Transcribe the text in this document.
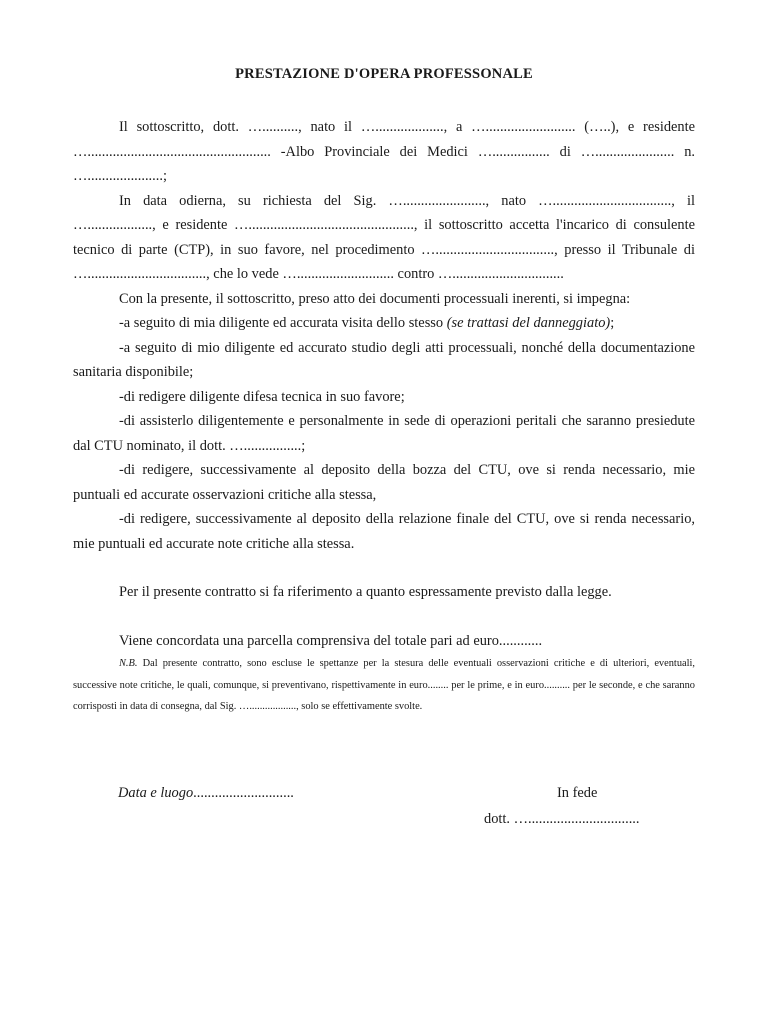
PRESTAZIONE D'OPERA PROFESSONALE

Il sottoscritto, dott. ….........., nato il …..................., a …......................... (…..), e residente …................................................... -Albo Provinciale dei Medici …................ di …...................... n. ….....................;

In data odierna, su richiesta del Sig. …......................., nato …................................., il ….................., e residente ….............................................., il sottoscritto accetta l'incarico di consulente tecnico di parte (CTP), in suo favore, nel procedimento …................................., presso il Tribunale di …................................., che lo vede …........................... contro …...............................

Con la presente, il sottoscritto, preso atto dei documenti processuali inerenti, si impegna:

-a seguito di mia diligente ed accurata visita dello stesso (se trattasi del danneggiato);

-a seguito di mio diligente ed accurato studio degli atti processuali, nonché della documentazione sanitaria disponibile;

-di redigere diligente difesa tecnica in suo favore;

-di assisterlo diligentemente e personalmente in sede di operazioni peritali che saranno presiedute dal CTU nominato, il dott. …................;

-di redigere, successivamente al deposito della bozza del CTU, ove si renda necessario, mie puntuali ed accurate osservazioni critiche alla stessa,

-di redigere, successivamente al deposito della relazione finale del CTU, ove si renda necessario, mie puntuali ed accurate note critiche alla stessa.

Per il presente contratto si fa riferimento a quanto espressamente previsto dalla legge.

Viene concordata una parcella comprensiva del totale pari ad euro............

N.B. Dal presente contratto, sono escluse le spettanze per la stesura delle eventuali osservazioni critiche e di ulteriori, eventuali, successive note critiche, le quali, comunque, si preventivano, rispettivamente in euro........ per le prime, e in euro.......... per le seconde, e che saranno corrisposti in data di consegna, dal Sig. ….................., solo se effettivamente svolte.

Data e luogo............................	In fede
dott. …...............................
